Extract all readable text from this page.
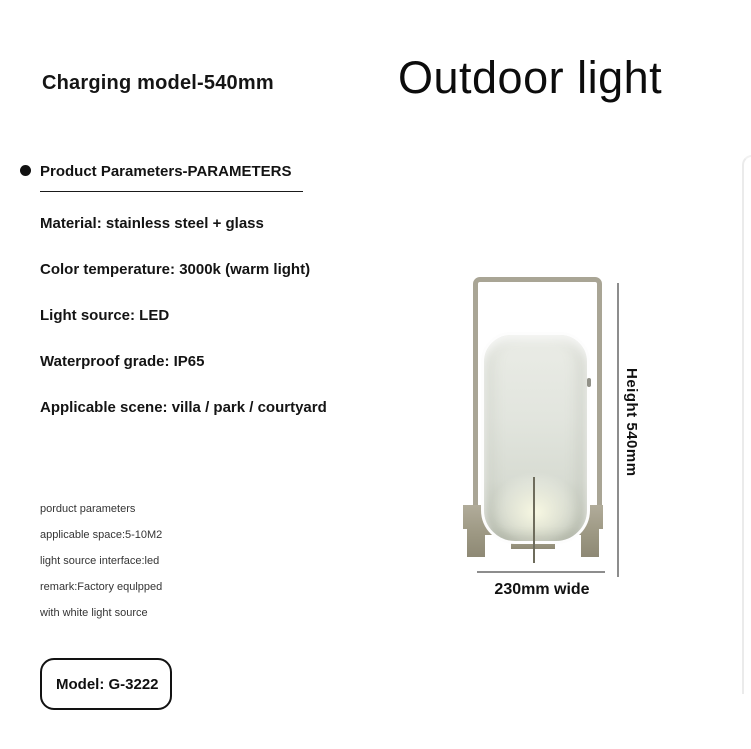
Charging model-540mm	Outdoor light
Product Parameters-PARAMETERS
Material: stainless steel + glass
Color temperature: 3000k (warm light)
Light source: LED
Waterproof grade: IP65
Applicable scene: villa / park / courtyard
porduct parameters
applicable space:5-10M2
light source interface:led
remark:Factory equlpped
with white light source
Model: G-3222
Height 540mm
230mm wide
